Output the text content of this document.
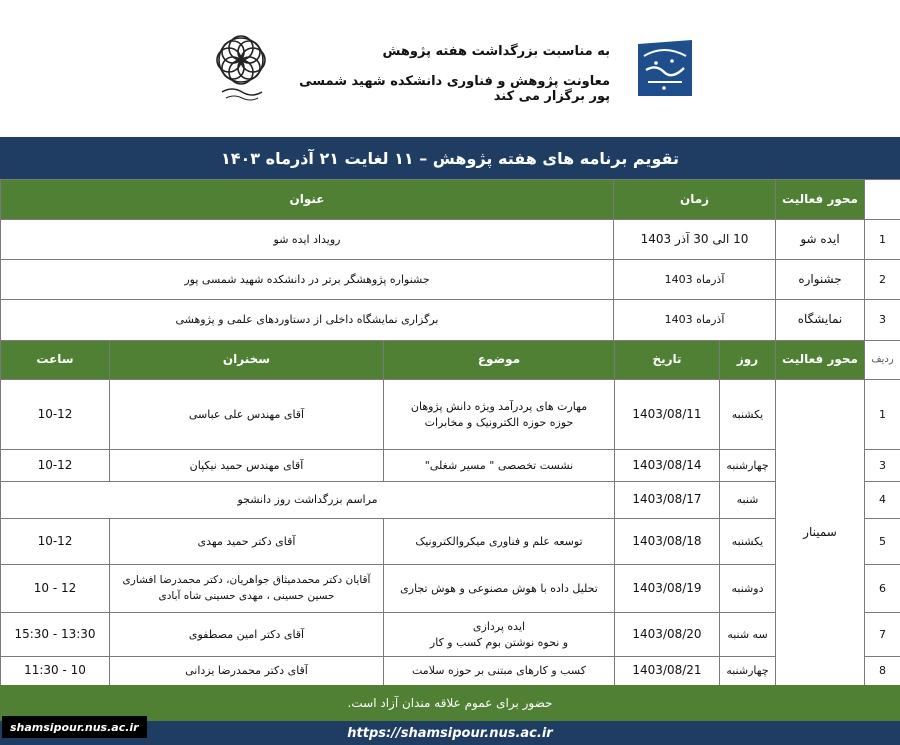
به مناسبت بزرگداشت هفته پژوهش
معاونت پژوهش و فناوری دانشکده شهید شمسی پور برگزار می کند
تقویم برنامه های هفته پژوهش – ۱۱ لغایت ۲۱ آذرماه ۱۴۰۳
عنوان	زمان	محور فعالیت	
رویداد ایده شو	10 الی 30 آذر 1403	ایده شو	1
جشنواره پژوهشگر برتر در دانشکده شهید شمسی پور	آذرماه 1403	جشنواره	2
برگزاری نمایشگاه داخلی از دستاوردهای علمی و پژوهشی	آذرماه 1403	نمایشگاه	3
ساعت	سخنران	موضوع	تاریخ	روز	محور فعالیت	ردیف
10-12	آقای مهندس علی عباسی	مهارت های پردرآمد ویژه دانش پژوهان
حوزه حوزه الکترونیک و مخابرات	1403/08/11	یکشنبه	سمینار	1
10-12	آقای مهندس حمید نیکپان	نشست تخصصی " مسیر شغلی"	1403/08/14	چهارشنبه		3
مراسم بزرگداشت روز دانشجو			1403/08/17	شنبه		4
10-12	آقای دکتر حمید مهدی	توسعه علم و فناوری میکروالکترونیک	1403/08/18	یکشنبه		5
12 - 10	آقایان دکتر محمدمیثاق جواهریان، دکتر محمدرضا افشاری
حسین حسینی ، مهدی حسینی شاه آبادی	تحلیل داده با هوش مصنوعی و هوش تجاری	1403/08/19	دوشنبه		6
15:30 - 13:30	آقای دکتر امین مصطفوی	ایده پردازی
و نحوه نوشتن بوم کسب و کار	1403/08/20	سه شنبه		7
11:30 - 10	آقای دکتر محمدرضا یزدانی	کسب و کارهای مبتنی بر حوزه سلامت	1403/08/21	چهارشنبه		8
حضور برای عموم علاقه مندان آزاد است.
https://shamsipour.nus.ac.ir
shamsipour.nus.ac.ir
